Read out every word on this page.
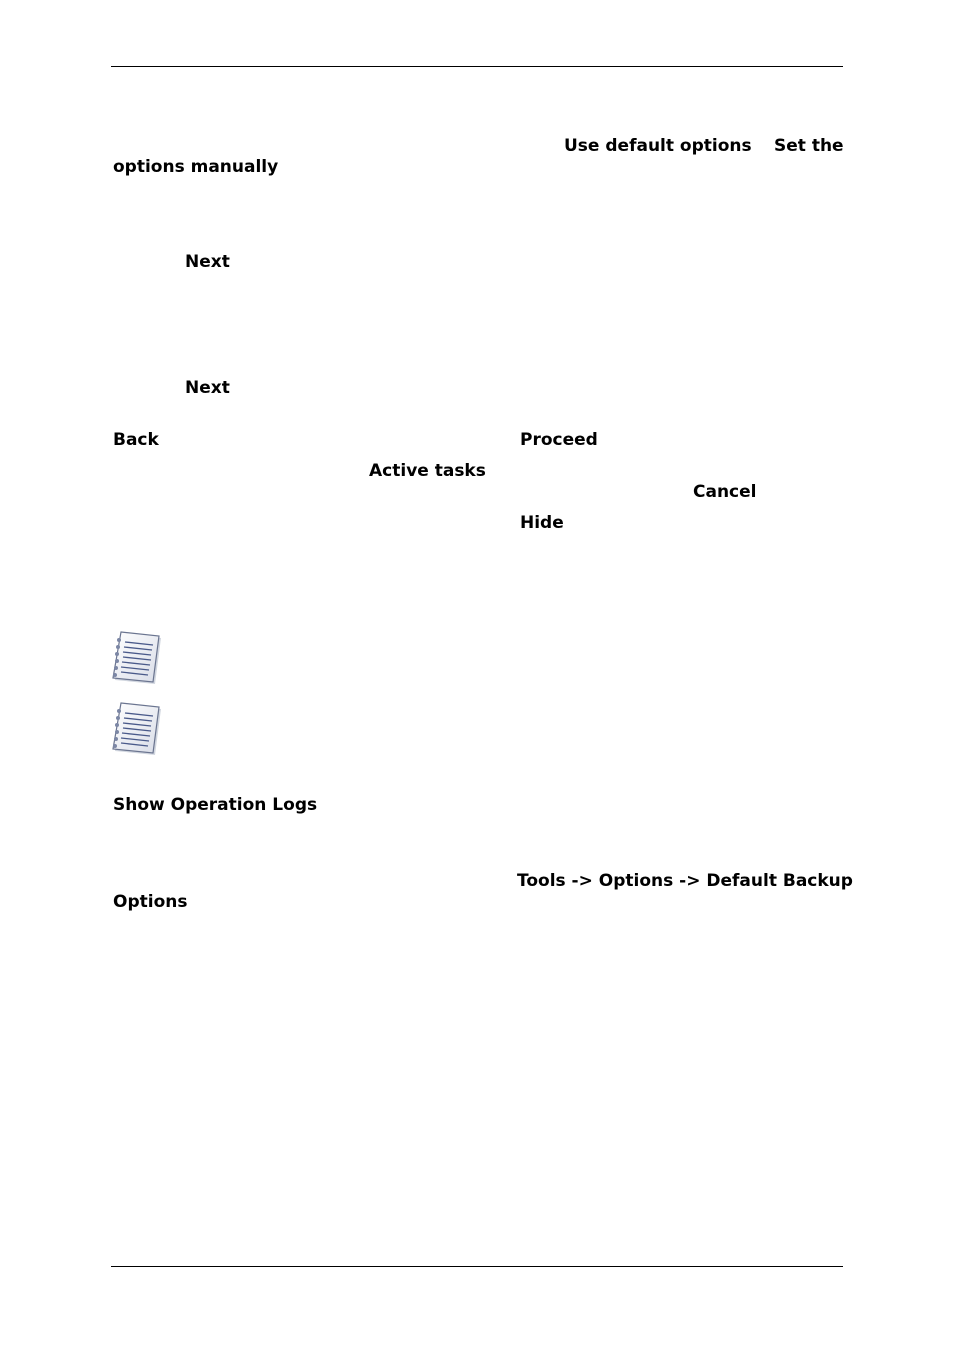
Use default options Set the
options manually
Next
Next
Back	Proceed
Active tasks
Cancel
Hide
Show Operation Logs
Tools -> Options -> Default Backup
Options
